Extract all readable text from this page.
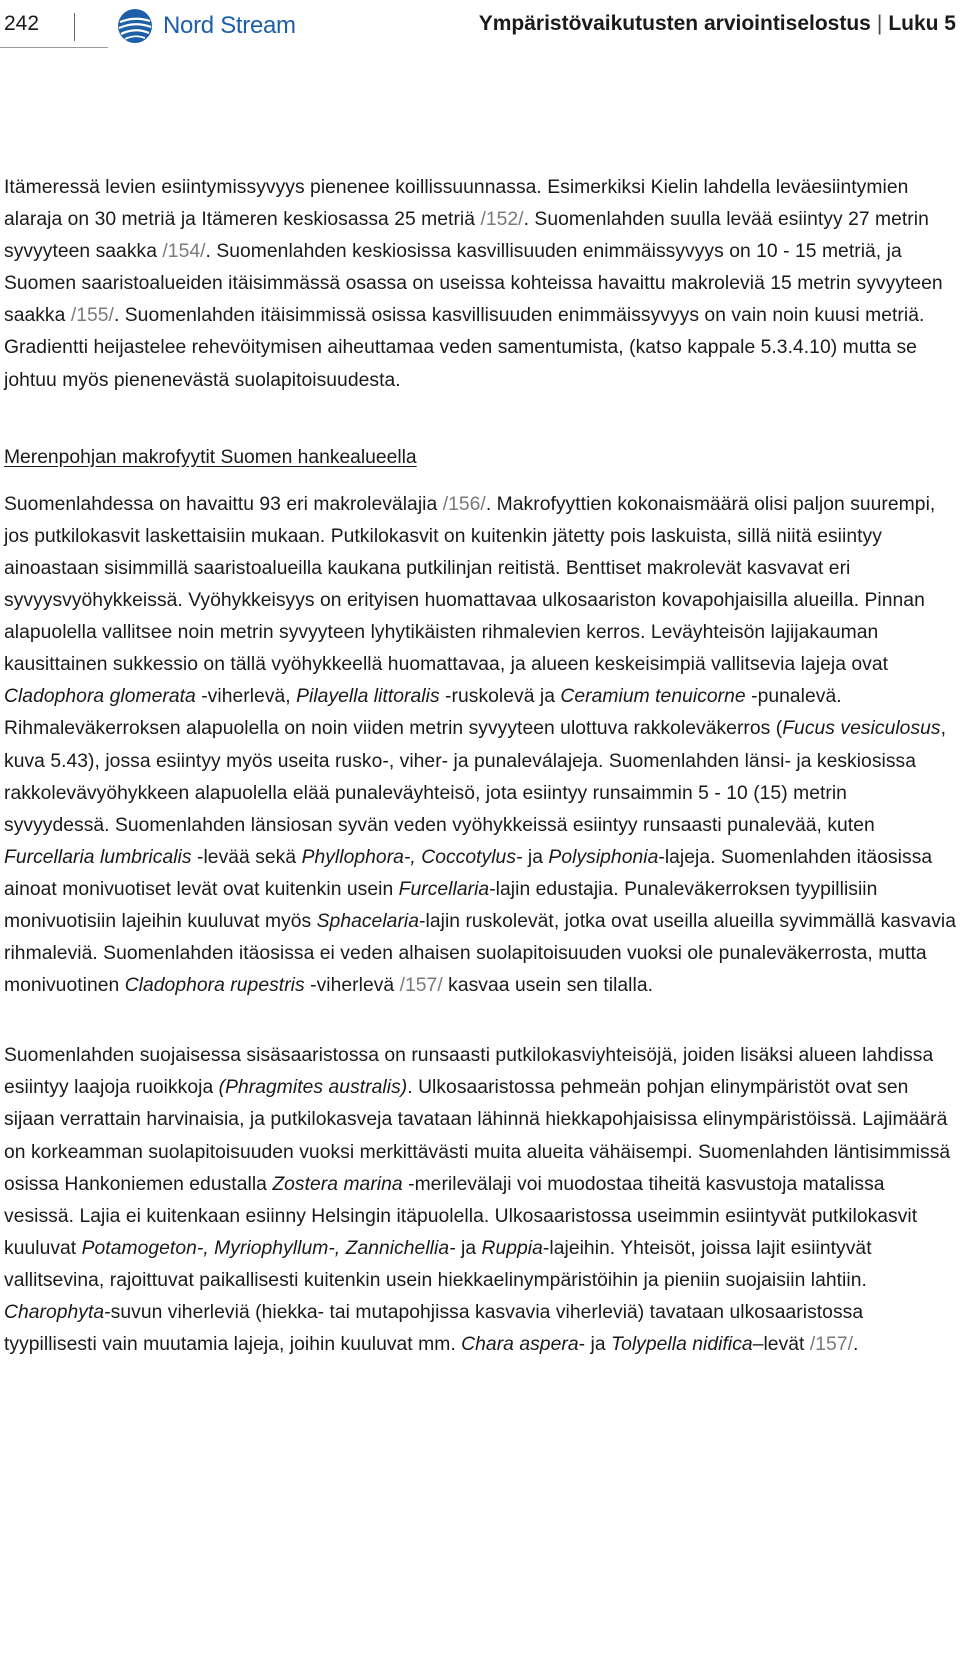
242	Nord Stream	Ympäristövaikutusten arviointiselostus | Luku 5

Itämeressä levien esiintymissyvyys pienenee koillissuunnassa. Esimerkiksi Kielin lahdella leväesiintymien alaraja on 30 metriä ja Itämeren keskiosassa 25 metriä /152/. Suomenlahden suulla levää esiintyy 27 metrin syvyyteen saakka /154/. Suomenlahden keskiosissa kasvillisuuden enimmäissyvyys on 10 - 15 metriä, ja Suomen saaristoalueiden itäisimmässä osassa on useissa kohteissa havaittu makroleviä 15 metrin syvyyteen saakka /155/. Suomenlahden itäisimmissä osissa kasvillisuuden enimmäissyvyys on vain noin kuusi metriä. Gradientti heijastelee rehevöitymisen aiheuttamaa veden samentumista, (katso kappale 5.3.4.10) mutta se johtuu myös pienenevästä suolapitoisuudesta.

Merenpohjan makrofyytit Suomen hankealueella

Suomenlahdessa on havaittu 93 eri makrolevälajia /156/. Makrofyyttien kokonaismäärä olisi paljon suurempi, jos putkilokasvit laskettaisiin mukaan. Putkilokasvit on kuitenkin jätetty pois laskuista, sillä niitä esiintyy ainoastaan sisimmillä saaristoalueilla kaukana putkilinjan reitistä. Benttiset makrolevät kasvavat eri syvyysvyöhykkeissä. Vyöhykkeisyys on erityisen huomattavaa ulkosaariston kovapohjaisilla alueilla. Pinnan alapuolella vallitsee noin metrin syvyyteen lyhytikäisten rihmalevien kerros. Leväyhteisön lajijakauman kausittainen sukkessio on tällä vyöhykkeellä huomattavaa, ja alueen keskeisimpiä vallitsevia lajeja ovat Cladophora glomerata -viherlevä, Pilayella littoralis -ruskolevä ja Ceramium tenuicorne -punalevä. Rihmaleväkerroksen alapuolella on noin viiden metrin syvyyteen ulottuva rakkoleväkerros (Fucus vesiculosus, kuva 5.43), jossa esiintyy myös useita rusko-, viher- ja punaleválajeja. Suomenlahden länsi- ja keskiosissa rakkolevävyöhykkeen alapuolella elää punaleväyhteisö, jota esiintyy runsaimmin 5 - 10 (15) metrin syvyydessä. Suomenlahden länsiosan syvän veden vyöhykkeissä esiintyy runsaasti punalevää, kuten Furcellaria lumbricalis -levää sekä Phyllophora-, Coccotylus- ja Polysiphonia-lajeja. Suomenlahden itäosissa ainoat monivuotiset levät ovat kuitenkin usein Furcellaria-lajin edustajia. Punaleväkerroksen tyypillisiin monivuotisiin lajeihin kuuluvat myös Sphacelaria-lajin ruskolevät, jotka ovat useilla alueilla syvimmällä kasvavia rihmaleviä. Suomenlahden itäosissa ei veden alhaisen suolapitoisuuden vuoksi ole punaleväkerrosta, mutta monivuotinen Cladophora rupestris -viherlevä /157/ kasvaa usein sen tilalla.

Suomenlahden suojaisessa sisäsaaristossa on runsaasti putkilokasviyhteisöjä, joiden lisäksi alueen lahdissa esiintyy laajoja ruoikkoja (Phragmites australis). Ulkosaaristossa pehmeän pohjan elinympäristöt ovat sen sijaan verrattain harvinaisia, ja putkilokasveja tavataan lähinnä hiekkapohjaisissa elinympäristöissä. Lajimäärä on korkeamman suolapitoisuuden vuoksi merkittävästi muita alueita vähäisempi. Suomenlahden läntisimmissä osissa Hankoniemen edustalla Zostera marina -merilevälaji voi muodostaa tiheitä kasvustoja matalissa vesissä. Lajia ei kuitenkaan esiinny Helsingin itäpuolella. Ulkosaaristossa useimmin esiintyvät putkilokasvit kuuluvat Potamogeton-, Myriophyllum-, Zannichellia- ja Ruppia-lajeihin. Yhteisöt, joissa lajit esiintyvät vallitsevina, rajoittuvat paikallisesti kuitenkin usein hiekkaelinympäristöihin ja pieniin suojaisiin lahtiin. Charophyta-suvun viherleviä (hiekka- tai mutapohjissa kasvavia viherleviä) tavataan ulkosaaristossa tyypillisesti vain muutamia lajeja, joihin kuuluvat mm. Chara aspera- ja Tolypella nidifica–levät /157/.
